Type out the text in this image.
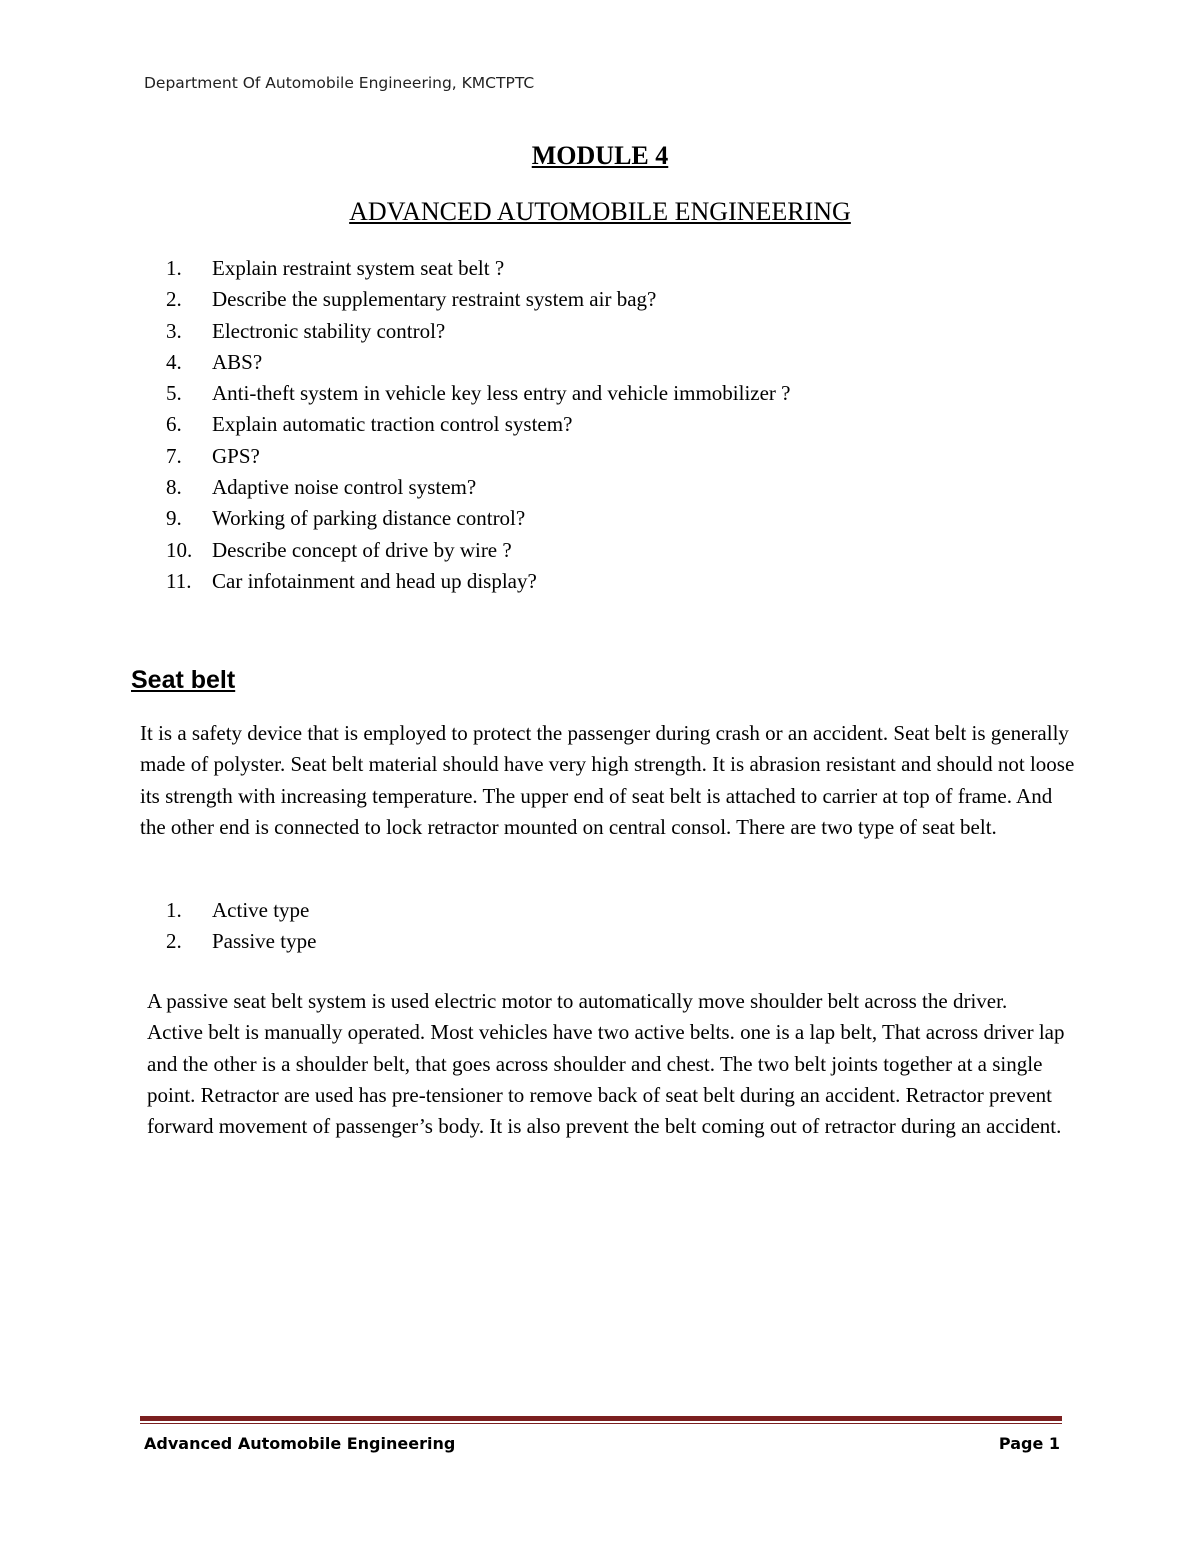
Department Of Automobile Engineering, KMCTPTC
MODULE 4
ADVANCED AUTOMOBILE ENGINEERING
1.	Explain restraint system seat belt ?
2.	Describe the supplementary restraint system air bag?
3.	Electronic stability control?
4.	ABS?
5.	Anti-theft system in vehicle key less entry and vehicle immobilizer ?
6.	Explain automatic traction control system?
7.	GPS?
8.	Adaptive noise control system?
9.	Working of parking distance control?
10. Describe concept of drive by wire ?
11. Car infotainment and head up display?
Seat belt

It is a safety device that is employed to protect the passenger during crash or an accident. Seat belt is generally made of polyster. Seat belt material should have very high strength. It is abrasion resistant and should not loose its strength with increasing temperature. The upper end of seat belt is attached to carrier at top of frame. And the other end is connected to lock retractor mounted on central consol. There are two type of seat belt.

1.	Active type
2.	Passive type

A passive seat belt system is used electric motor to automatically move shoulder belt across the driver. Active belt is manually operated. Most vehicles have two active belts. one is a lap belt, That across driver lap and the other is a shoulder belt, that goes across shoulder and chest. The two belt joints together at a single point. Retractor are used has pre-tensioner to remove back of seat belt during an accident. Retractor prevent forward movement of passenger’s body. It is also prevent the belt coming out of retractor during an accident.

Advanced Automobile Engineering	Page 1
